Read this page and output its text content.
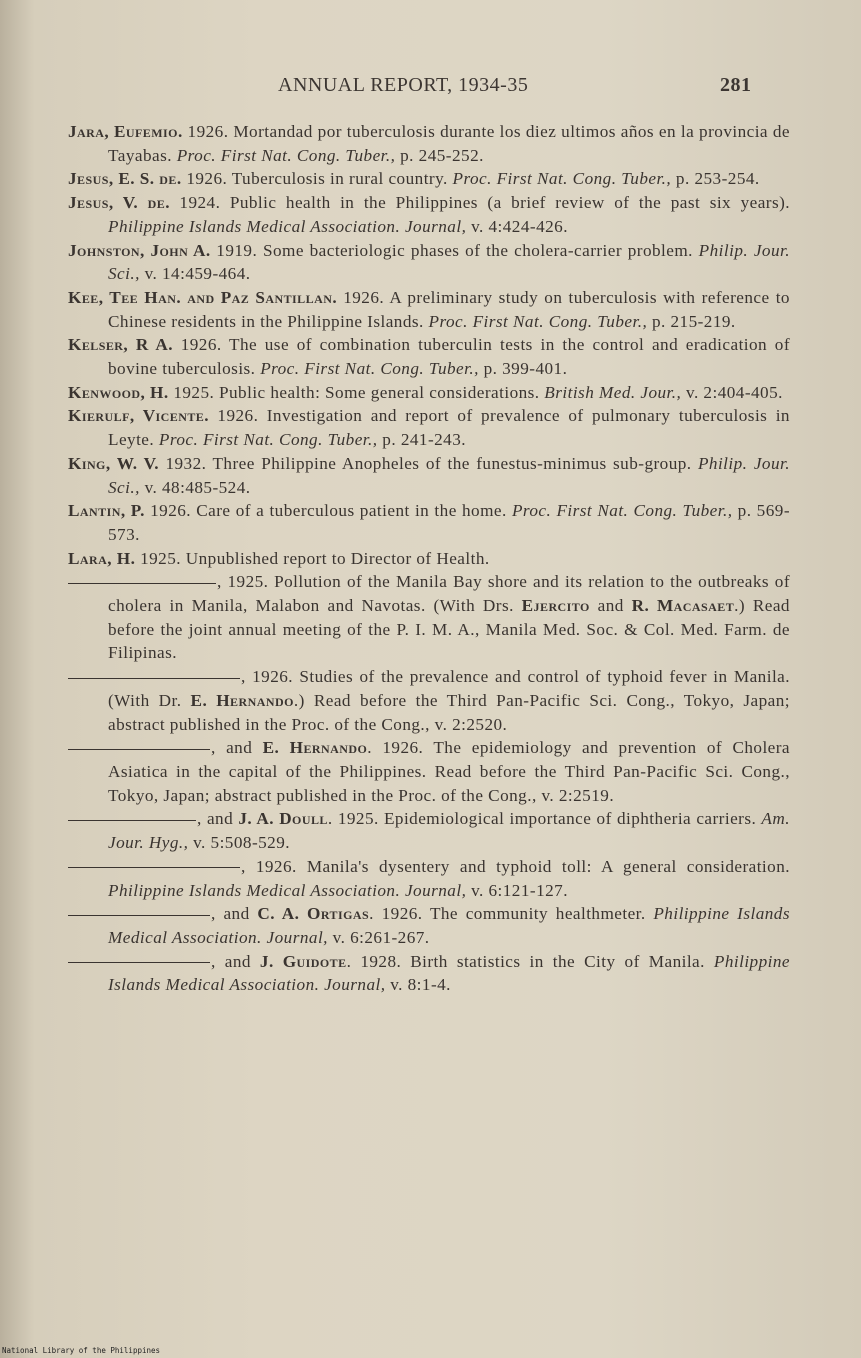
ANNUAL REPORT, 1934-35	281

Jara, Eufemio. 1926. Mortandad por tuberculosis durante los diez ultimos años en la provincia de Tayabas. Proc. First Nat. Cong. Tuber., p. 245-252.

Jesus, E. S. de. 1926. Tuberculosis in rural country. Proc. First Nat. Cong. Tuber., p. 253-254.

Jesus, V. de. 1924. Public health in the Philippines (a brief review of the past six years). Philippine Islands Medical Association. Journal, v. 4:424-426.

Johnston, John A. 1919. Some bacteriologic phases of the cholera-carrier problem. Philip. Jour. Sci., v. 14:459-464.

Kee, Tee Han. and Paz Santillan. 1926. A preliminary study on tuberculosis with reference to Chinese residents in the Philippine Islands. Proc. First Nat. Cong. Tuber., p. 215-219.

Kelser, R A. 1926. The use of combination tuberculin tests in the control and eradication of bovine tuberculosis. Proc. First Nat. Cong. Tuber., p. 399-401.

Kenwood, H. 1925. Public health: Some general considerations. British Med. Jour., v. 2:404-405.

Kierulf, Vicente. 1926. Investigation and report of prevalence of pulmonary tuberculosis in Leyte. Proc. First Nat. Cong. Tuber., p. 241-243.

King, W. V. 1932. Three Philippine Anopheles of the funestus-minimus sub-group. Philip. Jour. Sci., v. 48:485-524.

Lantin, P. 1926. Care of a tuberculous patient in the home. Proc. First Nat. Cong. Tuber., p. 569-573.

Lara, H. 1925. Unpublished report to Director of Health.

, 1925. Pollution of the Manila Bay shore and its relation to the outbreaks of cholera in Manila, Malabon and Navotas. (With Drs. Ejercito and R. Macasaet.) Read before the joint annual meeting of the P. I. M. A., Manila Med. Soc. & Col. Med. Farm. de Filipinas.

, 1926. Studies of the prevalence and control of typhoid fever in Manila. (With Dr. E. Hernando.) Read before the Third Pan-Pacific Sci. Cong., Tokyo, Japan; abstract published in the Proc. of the Cong., v. 2:2520.

, and E. Hernando. 1926. The epidemiology and prevention of Cholera Asiatica in the capital of the Philippines. Read before the Third Pan-Pacific Sci. Cong., Tokyo, Japan; abstract published in the Proc. of the Cong., v. 2:2519.

, and J. A. Doull. 1925. Epidemiological importance of diphtheria carriers. Am. Jour. Hyg., v. 5:508-529.

, 1926. Manila's dysentery and typhoid toll: A general consideration. Philippine Islands Medical Association. Journal, v. 6:121-127.

, and C. A. Ortigas. 1926. The community healthmeter. Philippine Islands Medical Association. Journal, v. 6:261-267.

, and J. Guidote. 1928. Birth statistics in the City of Manila. Philippine Islands Medical Association. Journal, v. 8:1-4.

National Library of the Philippines
